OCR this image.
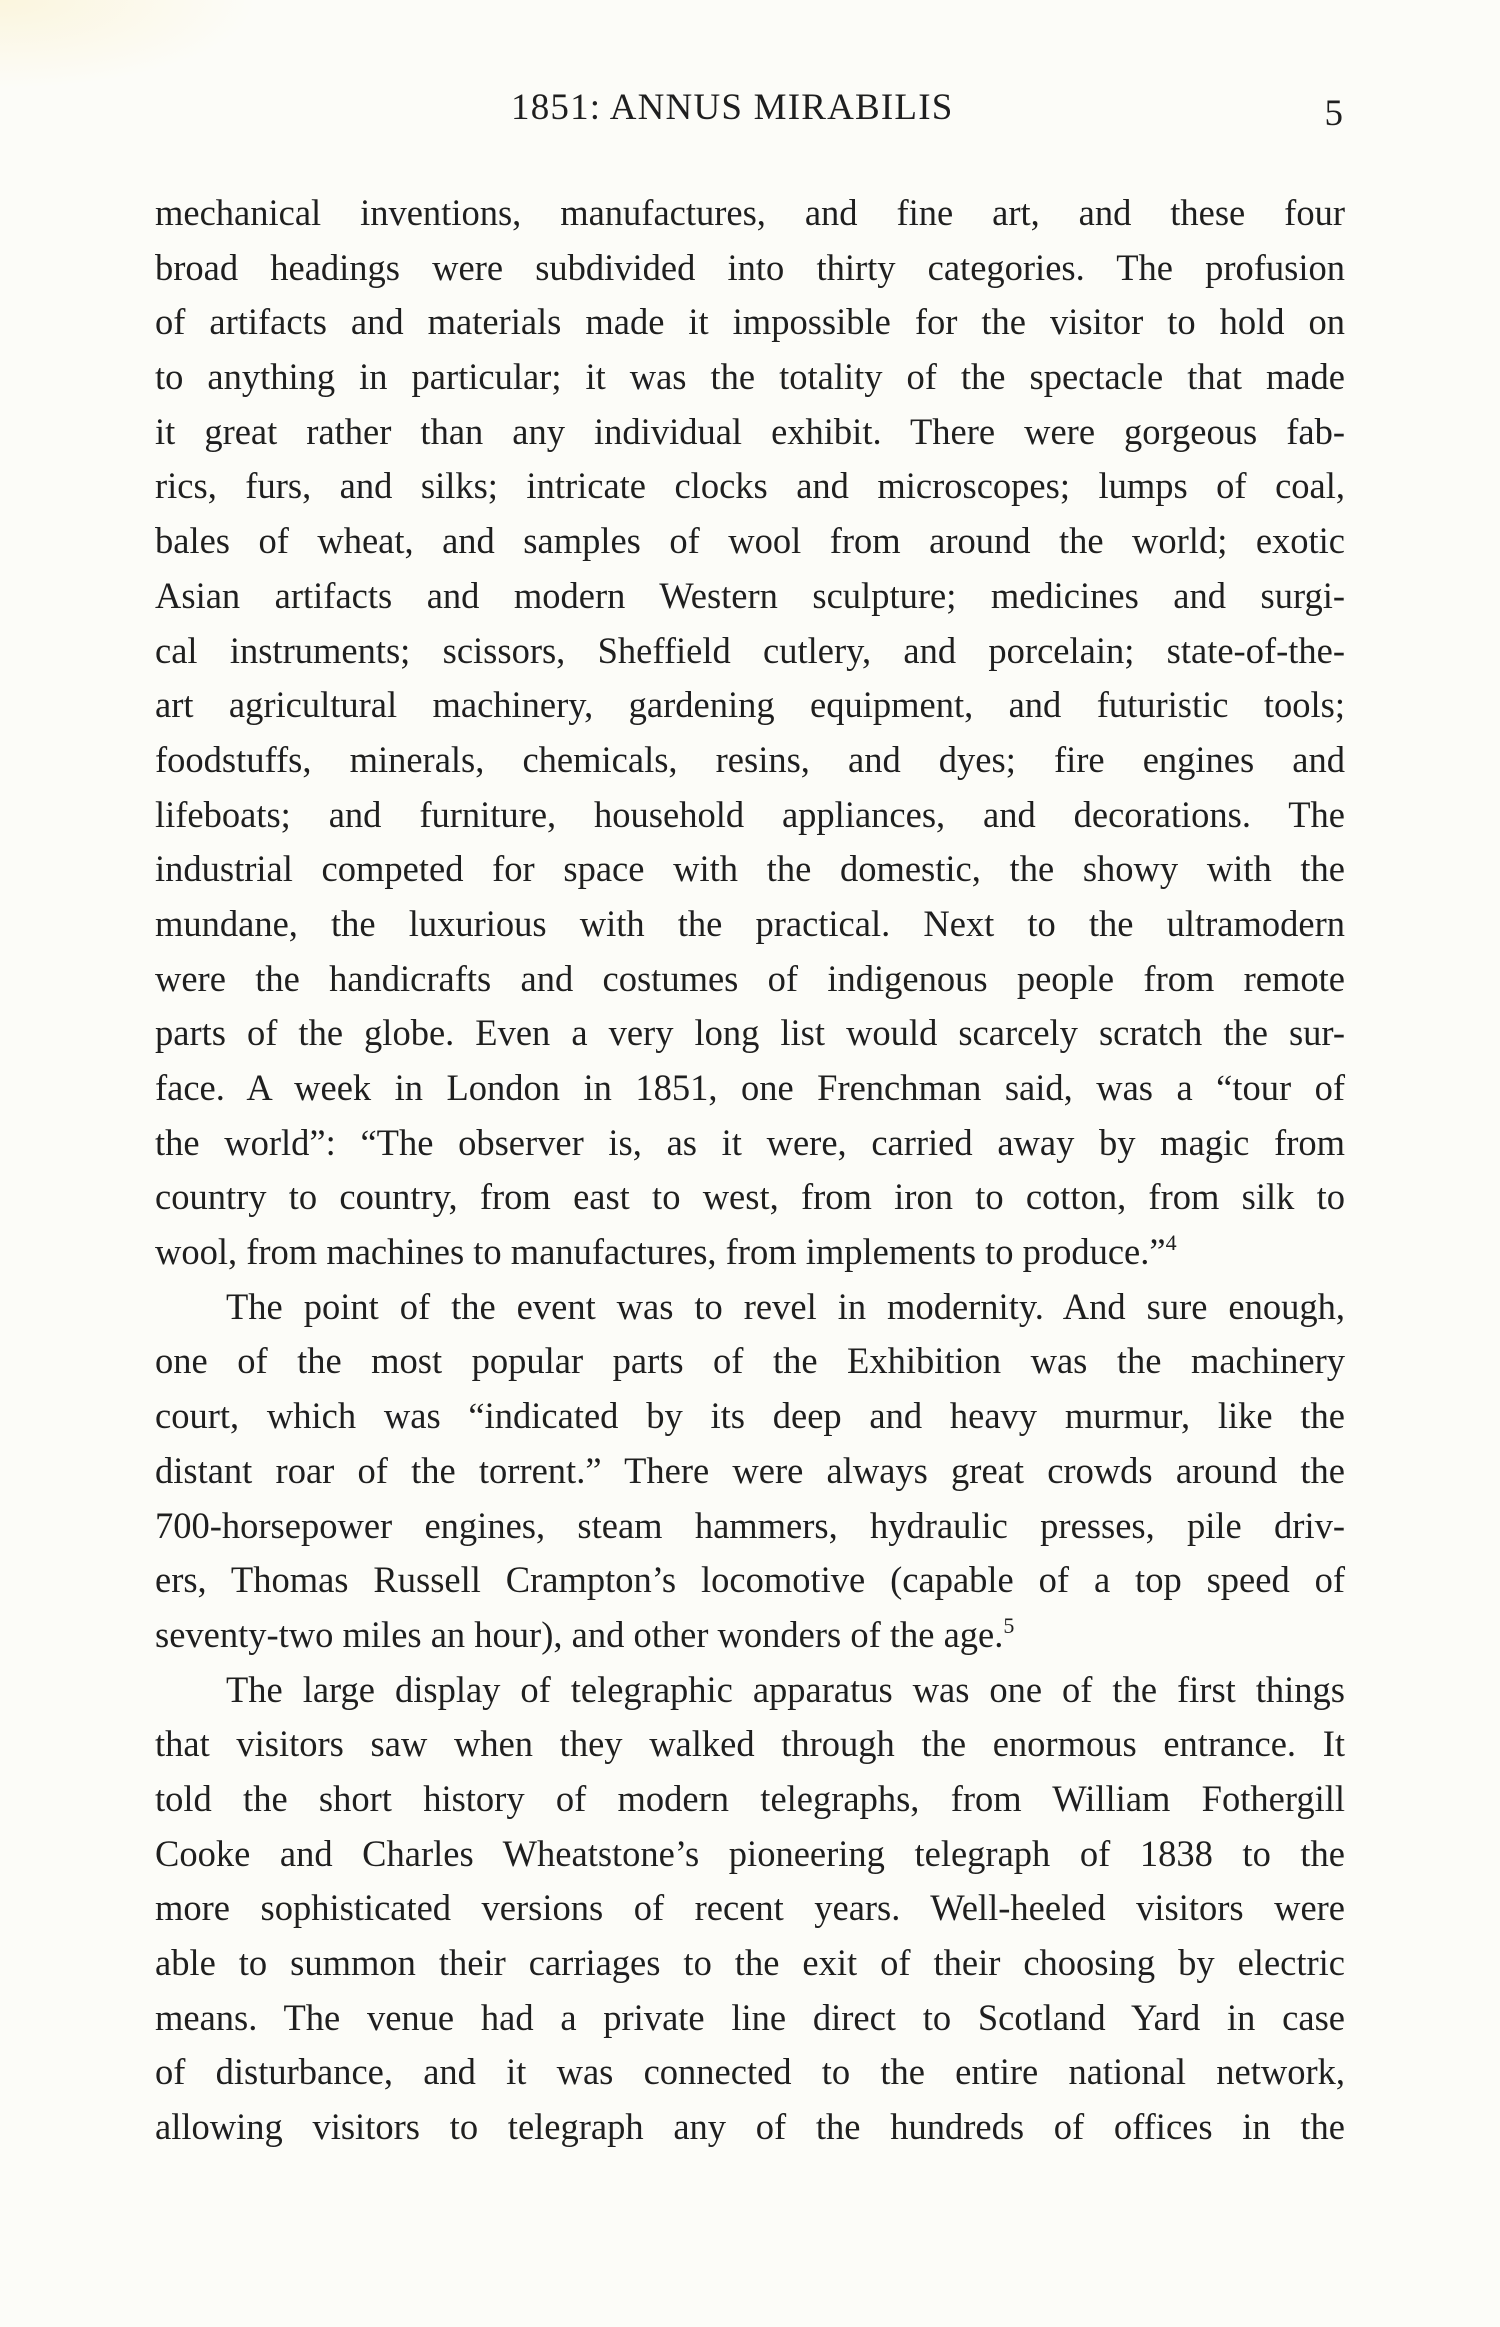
1851: ANNUS MIRABILIS	5
mechanical inventions, manufactures, and fine art, and these four
broad headings were subdivided into thirty categories. The profusion
of artifacts and materials made it impossible for the visitor to hold on
to anything in particular; it was the totality of the spectacle that made
it great rather than any individual exhibit. There were gorgeous fab-
rics, furs, and silks; intricate clocks and microscopes; lumps of coal,
bales of wheat, and samples of wool from around the world; exotic
Asian artifacts and modern Western sculpture; medicines and surgi-
cal instruments; scissors, Sheffield cutlery, and porcelain; state-of-the-
art agricultural machinery, gardening equipment, and futuristic tools;
foodstuffs, minerals, chemicals, resins, and dyes; fire engines and
lifeboats; and furniture, household appliances, and decorations. The
industrial competed for space with the domestic, the showy with the
mundane, the luxurious with the practical. Next to the ultramodern
were the handicrafts and costumes of indigenous people from remote
parts of the globe. Even a very long list would scarcely scratch the sur-
face. A week in London in 1851, one Frenchman said, was a “tour of
the world”: “The observer is, as it were, carried away by magic from
country to country, from east to west, from iron to cotton, from silk to
wool, from machines to manufactures, from implements to produce.”$^4$
The point of the event was to revel in modernity. And sure enough,
one of the most popular parts of the Exhibition was the machinery
court, which was “indicated by its deep and heavy murmur, like the
distant roar of the torrent.” There were always great crowds around the
700-horsepower engines, steam hammers, hydraulic presses, pile driv-
ers, Thomas Russell Crampton’s locomotive (capable of a top speed of
seventy-two miles an hour), and other wonders of the age.$^5$
The large display of telegraphic apparatus was one of the first things
that visitors saw when they walked through the enormous entrance. It
told the short history of modern telegraphs, from William Fothergill
Cooke and Charles Wheatstone’s pioneering telegraph of 1838 to the
more sophisticated versions of recent years. Well-heeled visitors were
able to summon their carriages to the exit of their choosing by electric
means. The venue had a private line direct to Scotland Yard in case
of disturbance, and it was connected to the entire national network,
allowing visitors to telegraph any of the hundreds of offices in the
